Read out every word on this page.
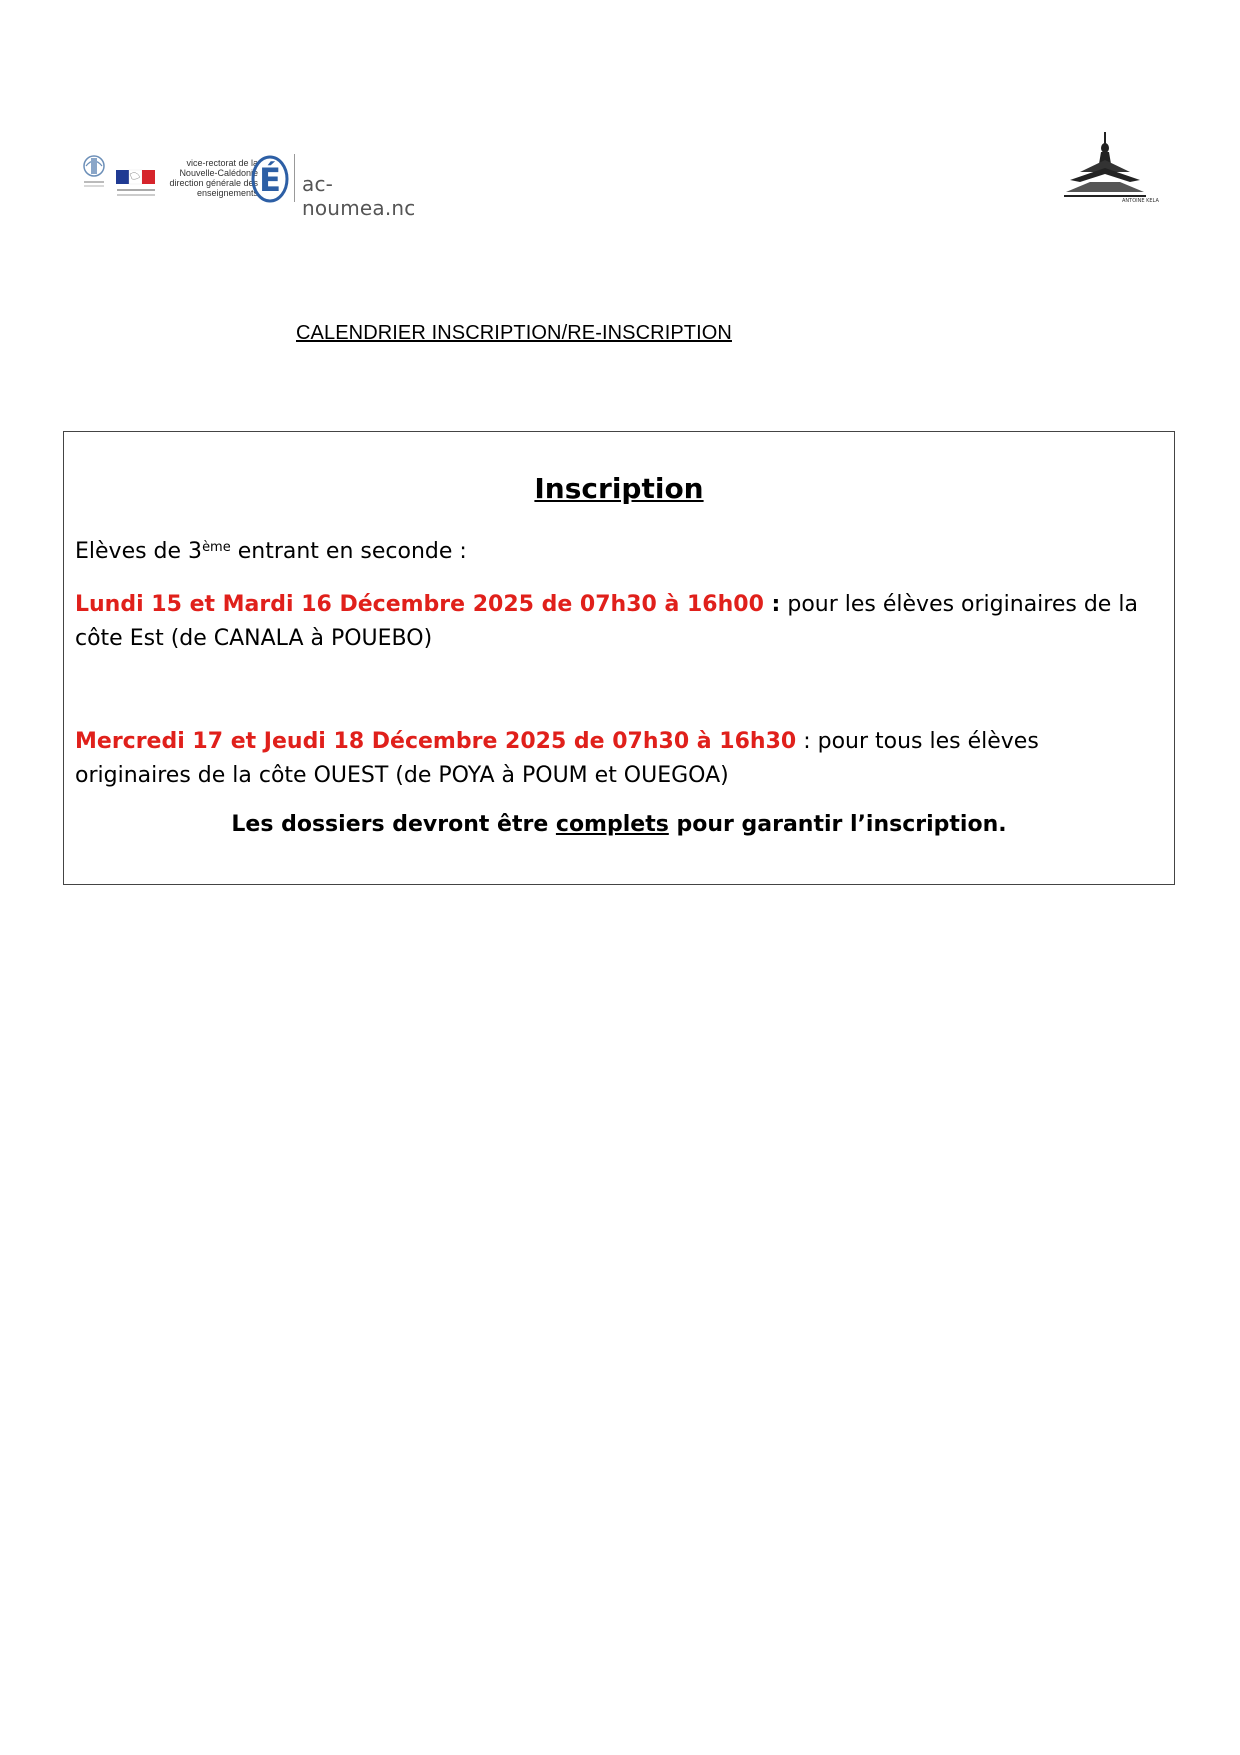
vice-rectorat de la Nouvelle-Calédonie direction générale des enseignements É ac-noumea.nc	ANTOINE KELA
CALENDRIER INSCRIPTION/RE-INSCRIPTION
Inscription
Elèves de 3ème entrant en seconde :
Lundi 15 et Mardi 16 Décembre 2025 de 07h30 à 16h00 : pour les élèves originaires de la côte Est (de CANALA à POUEBO)
Mercredi 17 et Jeudi 18 Décembre 2025 de 07h30 à 16h30 : pour tous les élèves originaires de la côte OUEST (de POYA à POUM et OUEGOA)
Les dossiers devront être complets pour garantir l’inscription.
